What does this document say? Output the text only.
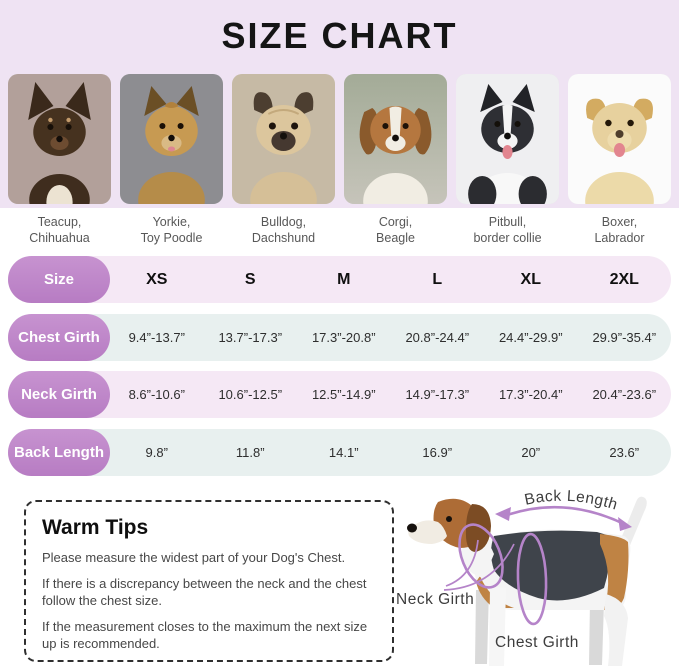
SIZE CHART
Teacup,
Chihuahua
Yorkie,
Toy Poodle
Bulldog,
Dachshund
Corgi,
Beagle
Pitbull,
border collie
Boxer,
Labrador
Size	XS	S	M	L	XL	2XL
Chest Girth	9.4”-13.7”	13.7”-17.3”	17.3”-20.8”	20.8”-24.4”	24.4”-29.9”	29.9”-35.4”
Neck Girth	8.6”-10.6”	10.6”-12.5”	12.5”-14.9”	14.9”-17.3”	17.3”-20.4”	20.4”-23.6”
Back Length	9.8”	11.8”	14.1”	16.9”	20”	23.6”
Warm Tips

Please measure the widest part of your Dog's Chest.

If there is a discrepancy between the neck and the chest follow the chest size.

If the measurement closes to the maximum the next size up is recommended.

Back Length
Neck Girth
Chest Girth
